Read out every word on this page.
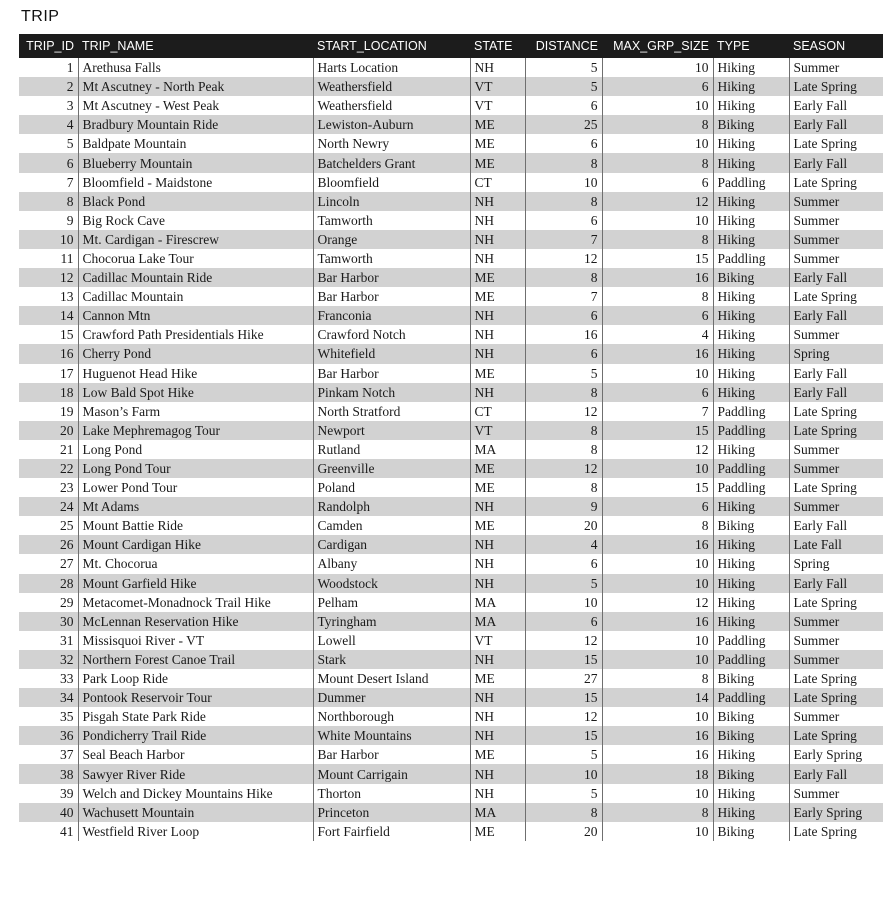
TRIP
TRIP_ID	TRIP_NAME	START_LOCATION	STATE	DISTANCE	MAX_GRP_SIZE	TYPE	SEASON
1	Arethusa Falls	Harts Location	NH	5	10	Hiking	Summer
2	Mt Ascutney - North Peak	Weathersfield	VT	5	6	Hiking	Late Spring
3	Mt Ascutney - West Peak	Weathersfield	VT	6	10	Hiking	Early Fall
4	Bradbury Mountain Ride	Lewiston-Auburn	ME	25	8	Biking	Early Fall
5	Baldpate Mountain	North Newry	ME	6	10	Hiking	Late Spring
6	Blueberry Mountain	Batchelders Grant	ME	8	8	Hiking	Early Fall
7	Bloomfield - Maidstone	Bloomfield	CT	10	6	Paddling	Late Spring
8	Black Pond	Lincoln	NH	8	12	Hiking	Summer
9	Big Rock Cave	Tamworth	NH	6	10	Hiking	Summer
10	Mt. Cardigan - Firescrew	Orange	NH	7	8	Hiking	Summer
11	Chocorua Lake Tour	Tamworth	NH	12	15	Paddling	Summer
12	Cadillac Mountain Ride	Bar Harbor	ME	8	16	Biking	Early Fall
13	Cadillac Mountain	Bar Harbor	ME	7	8	Hiking	Late Spring
14	Cannon Mtn	Franconia	NH	6	6	Hiking	Early Fall
15	Crawford Path Presidentials Hike	Crawford Notch	NH	16	4	Hiking	Summer
16	Cherry Pond	Whitefield	NH	6	16	Hiking	Spring
17	Huguenot Head Hike	Bar Harbor	ME	5	10	Hiking	Early Fall
18	Low Bald Spot Hike	Pinkam Notch	NH	8	6	Hiking	Early Fall
19	Mason’s Farm	North Stratford	CT	12	7	Paddling	Late Spring
20	Lake Mephremagog Tour	Newport	VT	8	15	Paddling	Late Spring
21	Long Pond	Rutland	MA	8	12	Hiking	Summer
22	Long Pond Tour	Greenville	ME	12	10	Paddling	Summer
23	Lower Pond Tour	Poland	ME	8	15	Paddling	Late Spring
24	Mt Adams	Randolph	NH	9	6	Hiking	Summer
25	Mount Battie Ride	Camden	ME	20	8	Biking	Early Fall
26	Mount Cardigan Hike	Cardigan	NH	4	16	Hiking	Late Fall
27	Mt. Chocorua	Albany	NH	6	10	Hiking	Spring
28	Mount Garfield Hike	Woodstock	NH	5	10	Hiking	Early Fall
29	Metacomet-Monadnock Trail Hike	Pelham	MA	10	12	Hiking	Late Spring
30	McLennan Reservation Hike	Tyringham	MA	6	16	Hiking	Summer
31	Missisquoi River - VT	Lowell	VT	12	10	Paddling	Summer
32	Northern Forest Canoe Trail	Stark	NH	15	10	Paddling	Summer
33	Park Loop Ride	Mount Desert Island	ME	27	8	Biking	Late Spring
34	Pontook Reservoir Tour	Dummer	NH	15	14	Paddling	Late Spring
35	Pisgah State Park Ride	Northborough	NH	12	10	Biking	Summer
36	Pondicherry Trail Ride	White Mountains	NH	15	16	Biking	Late Spring
37	Seal Beach Harbor	Bar Harbor	ME	5	16	Hiking	Early Spring
38	Sawyer River Ride	Mount Carrigain	NH	10	18	Biking	Early Fall
39	Welch and Dickey Mountains Hike	Thorton	NH	5	10	Hiking	Summer
40	Wachusett Mountain	Princeton	MA	8	8	Hiking	Early Spring
41	Westfield River Loop	Fort Fairfield	ME	20	10	Biking	Late Spring
